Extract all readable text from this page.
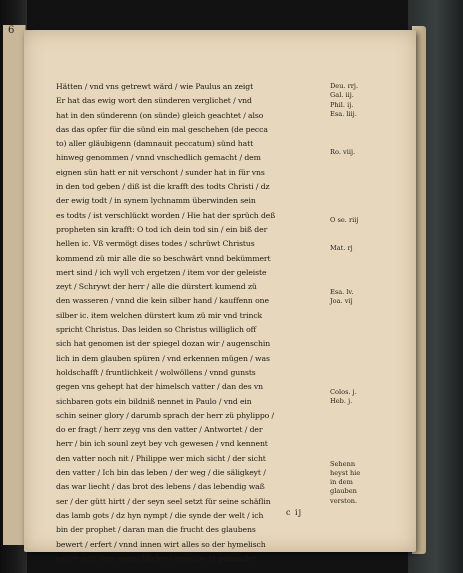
6
Hätten / vnd vns getrewt wärd / wie Paulus an zeigt
Er hat das ewig wort den sünderen verglichet / vnd
hat in den sünderenn (on sünde) gleich geachtet / also
das das opfer für die sünd ein mal geschehen (de pecca
to) aller gläubigenn (damnauit peccatum) sünd hatt
hinweg genommen / vnnd vnschedlich gemacht / dem
eignen sün hatt er nit verschont / sunder hat in für vns
in den tod geben / diß ist die krafft des todts Christi / dz
der ewig todt / in synem lychnamm überwinden sein
es todts / ist verschlückt worden / Hie hat der sprüch deß
propheten sin krafft: O tod ich dein tod sin / ein biß der
hellen ic. Vß vermögt dises todes / schrüwt Christus
kommend zü mir alle die so beschwärt vnnd bekümmert
mert sind / ich wyll vch ergetzen / item vor der geleiste
zeyt / Schrywt der herr / alle die dürstert kumend zü
den wasseren / vnnd die kein silber hand / kauffenn one
silber ic. item welchen dürstert kum zü mir vnd trinck
spricht Christus. Das leiden so Christus williglich off
sich hat genomen ist der spiegel dozan wir / augenschin
lich in dem glauben spüren / vnd erkennen mügen / was
holdschafft / fruntlichkeit / wolwöllens / vnnd gunsts
gegen vns gehept hat der himelsch vatter / dan des vn
sichbaren gots ein bildniß nennet in Paulo / vnd ein
schin seiner glory / darumb sprach der herr zü phylippo /
do er fragt / herr zeyg vns den vatter / Antwortet / der
herr / bin ich sounl zeyt bey vch gewesen / vnd kennent
den vatter noch nit / Philippe wer mich sicht / der sicht
den vatter / Ich bin das leben / der weg / die säligkeyt /
das war liecht / das brot des lebens / das lebendig waß
ser / der gütt hirtt / der seyn seel setzt für seine schäflin
das lamb gots / dz hyn nympt / die synde der welt / ich
bin der prophet / daran man die frucht des glaubens
bewert / erfert / vnnd innen wirt alles so der hymelisch
vatter mitt dem menschlichem geschlecht gehandlet
Deu. rrj.
Gal. iij.
Phil. ij.
Esa. liij.
Ro. viij.
O se. riij
Mat. rj
Esa. lv.
Joa. vij
Colos. j.
Heb. j.
Sehenn
heyst hie
in dem
glauben
verston.
c ij
